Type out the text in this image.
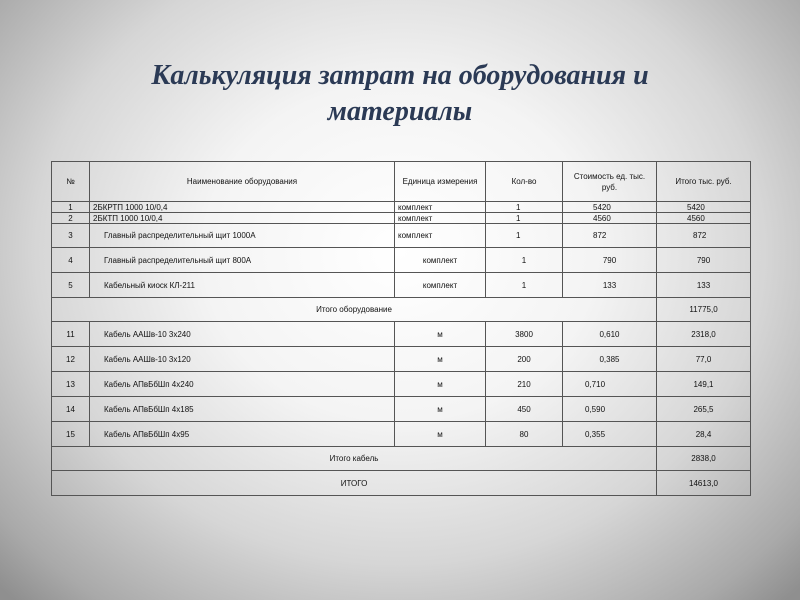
Калькуляция затрат на оборудования и
материалы
№	Наименование оборудования	Единица измерения	Кол-во	Стоимость ед. тыс. руб.	Итого тыс. руб.
1	2БКРТП 1000 10/0,4	комплект	1	5420	5420
2	2БКТП 1000 10/0,4	комплект	1	4560	4560
3	Главный распределительный щит 1000А	комплект	1	872	872
4	Главный распределительный щит 800А	комплект	1	790	790
5	Кабельный киоск КЛ-211	комплект	1	133	133
Итого оборудование					11775,0
11	Кабель ААШв-10 3х240	м	3800	0,610	2318,0
12	Кабель ААШв-10 3х120	м	200	0,385	77,0
13	Кабель АПвБбШп 4х240	м	210	0,710	149,1
14	Кабель АПвБбШп 4х185	м	450	0,590	265,5
15	Кабель АПвБбШп 4х95	м	80	0,355	28,4
Итого кабель					2838,0
ИТОГО					14613,0
